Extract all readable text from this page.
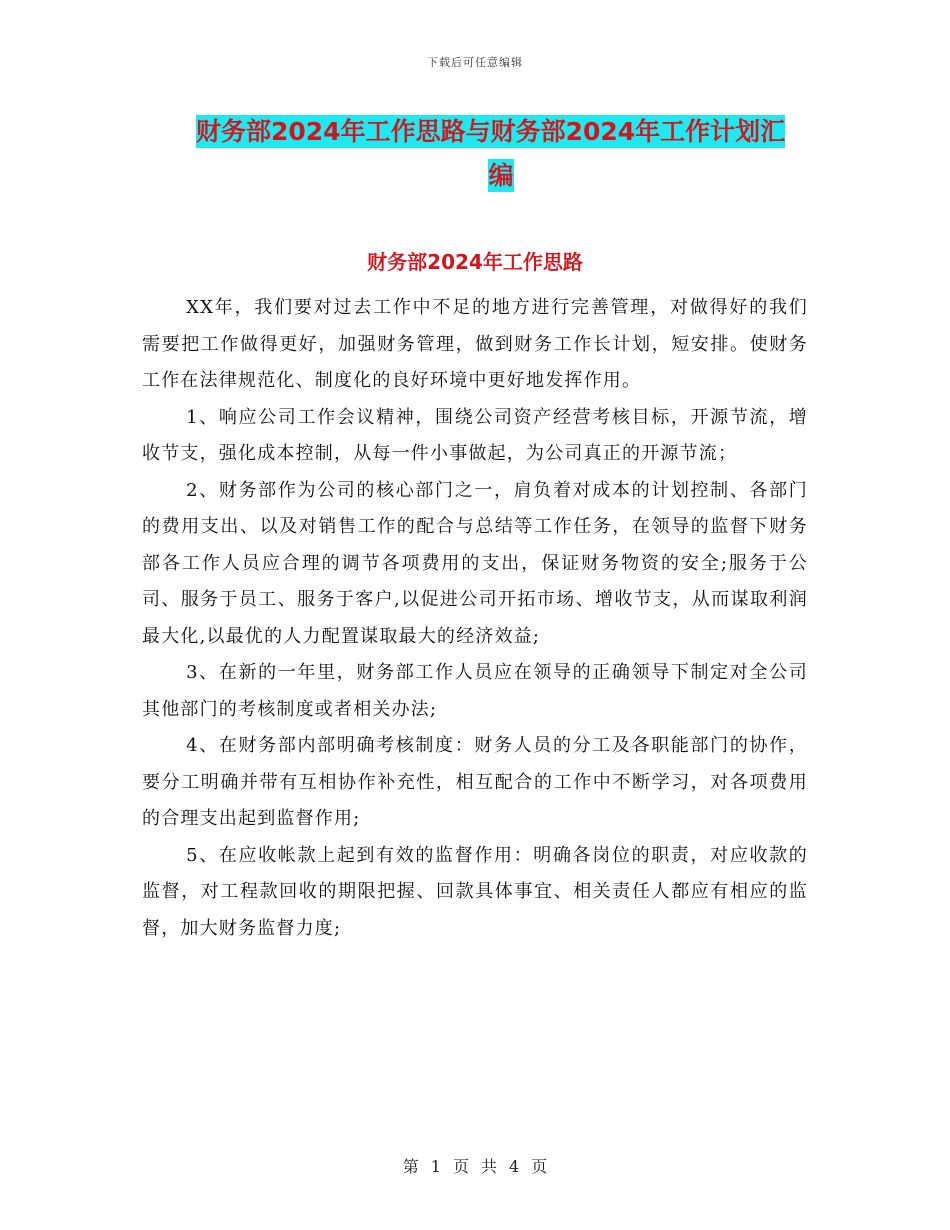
下载后可任意编辑
财务部2024年工作思路与财务部2024年工作计划汇
编
财务部2024年工作思路

XX年，我们要对过去工作中不足的地方进行完善管理，对做得好的我们需要把工作做得更好，加强财务管理，做到财务工作长计划，短安排。使财务工作在法律规范化、制度化的良好环境中更好地发挥作用。

1、响应公司工作会议精神，围绕公司资产经营考核目标，开源节流，增收节支，强化成本控制，从每一件小事做起，为公司真正的开源节流；

2、财务部作为公司的核心部门之一，肩负着对成本的计划控制、各部门的费用支出、以及对销售工作的配合与总结等工作任务，在领导的监督下财务部各工作人员应合理的调节各项费用的支出，保证财务物资的安全;服务于公司、服务于员工、服务于客户,以促进公司开拓市场、增收节支，从而谋取利润最大化,以最优的人力配置谋取最大的经济效益;

3、在新的一年里，财务部工作人员应在领导的正确领导下制定对全公司其他部门的考核制度或者相关办法;

4、在财务部内部明确考核制度：财务人员的分工及各职能部门的协作，要分工明确并带有互相协作补充性，相互配合的工作中不断学习，对各项费用的合理支出起到监督作用;

5、在应收帐款上起到有效的监督作用：明确各岗位的职责，对应收款的监督，对工程款回收的期限把握、回款具体事宜、相关责任人都应有相应的监督，加大财务监督力度;

第 1 页 共 4 页
